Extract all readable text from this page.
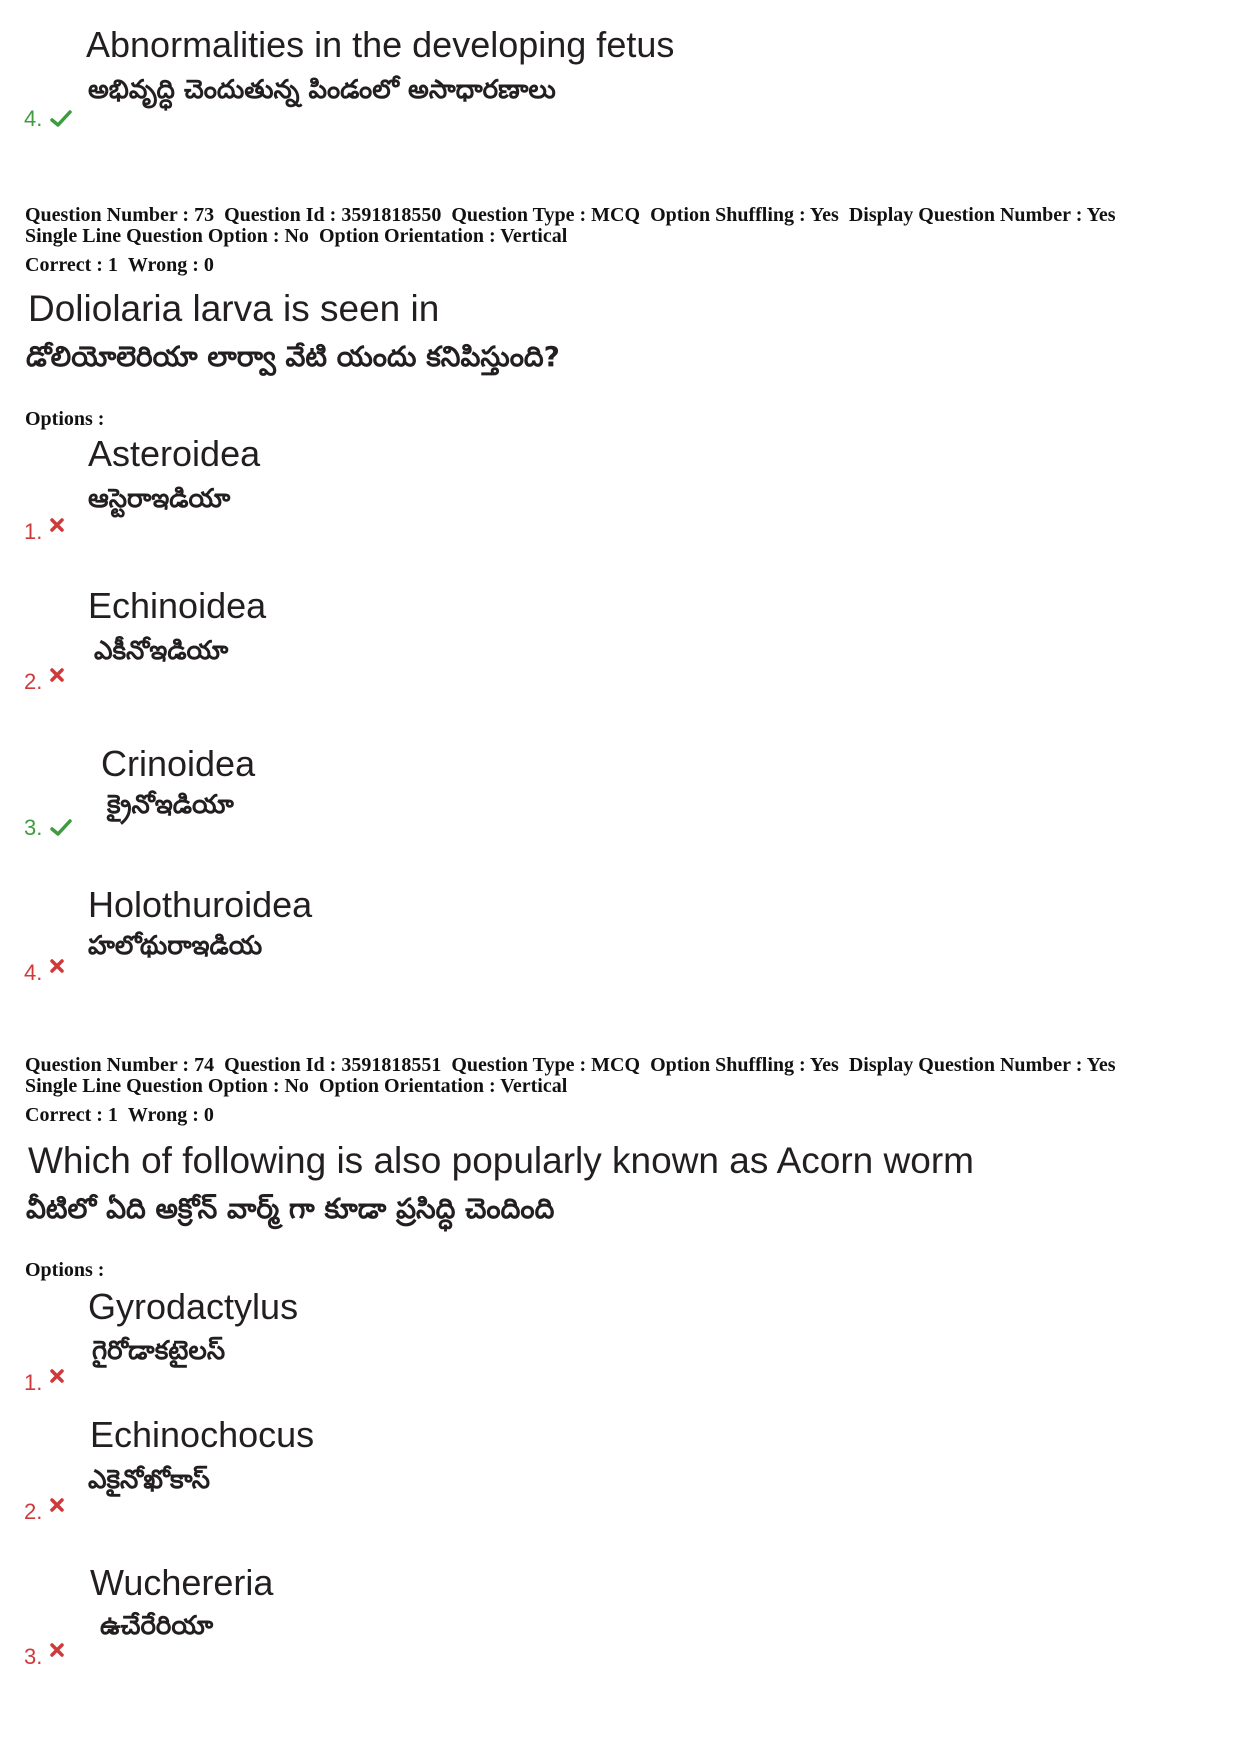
Abnormalities in the developing fetus
అభివృద్ధి చెందుతున్న పిండంలో అసాధారణాలు
4.
Question Number : 73 Question Id : 3591818550 Question Type : MCQ Option Shuffling : Yes Display Question Number : Yes
Single Line Question Option : No Option Orientation : Vertical
Correct : 1 Wrong : 0
Doliolaria larva is seen in
డోలియోలెరియా లార్వా వేటి యందు కనిపిస్తుంది?
Options :
Asteroidea
ఆస్టెరాఇడియా
1.
Echinoidea
ఎకీనోఇడియా
2.
Crinoidea
క్రైనోఇడియా
3.
Holothuroidea
హలోథురాఇడియ
4.
Question Number : 74 Question Id : 3591818551 Question Type : MCQ Option Shuffling : Yes Display Question Number : Yes
Single Line Question Option : No Option Orientation : Vertical
Correct : 1 Wrong : 0
Which of following is also popularly known as Acorn worm
వీటిలో ఏది అక్రోన్ వార్మ్ గా కూడా ప్రసిద్ధి చెందింది
Options :
Gyrodactylus
గైరోడాకటైలస్
1.
Echinochocus
ఎకైనోఖోకాస్
2.
Wuchereria
ఉచేరేరియా
3.
